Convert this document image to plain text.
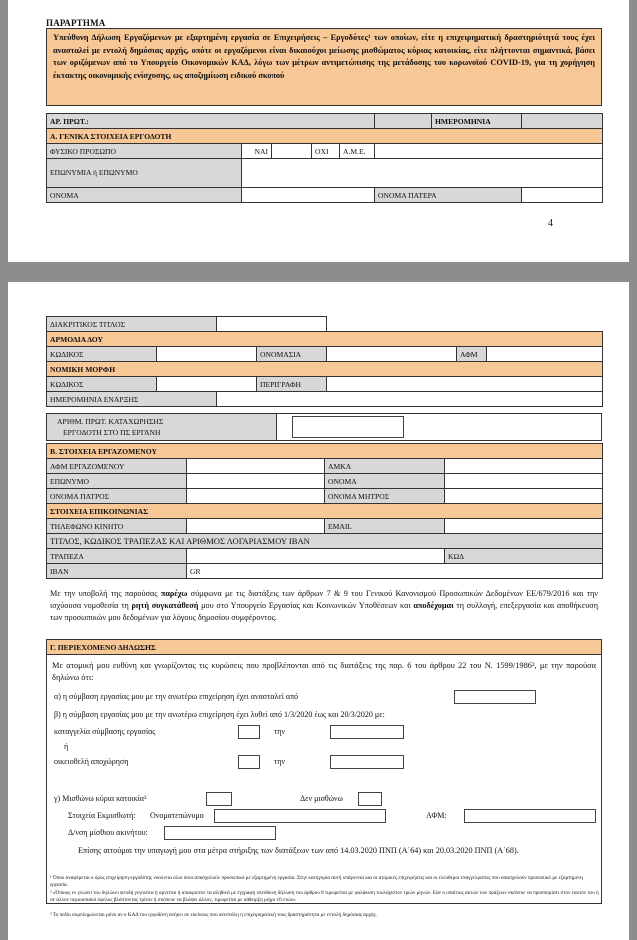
ΠΑΡΑΡΤΗΜΑ
Υπεύθυνη Δήλωση Εργαζόμενων με εξαρτημένη εργασία σε Επιχειρήσεις – Εργοδότες¹ των οποίων, είτε η επιχειρηματική δραστηριότητά τους έχει ανασταλεί με εντολή δημόσιας αρχής, οπότε οι εργαζόμενοι είναι δικαιούχοι μείωσης μισθώματος κύριας κατοικίας, είτε πλήττονται σημαντικά, βάσει των οριζόμενων από το Υπουργείο Οικονομικών ΚΑΔ, λόγω των μέτρων αντιμετώπισης της μετάδοσης του κορωνοϊού COVID-19, για τη χορήγηση έκτακτης οικονομικής ενίσχυσης, ως αποζημίωση ειδικού σκοπού
ΑΡ. ΠΡΩΤ.:						ΗΜΕΡΟΜΗΝΙΑ	
Α. ΓΕΝΙΚΑ ΣΤΟΙΧΕΙΑ ΕΡΓΟΔΟΤΗ							
ΦΥΣΙΚΟ ΠΡΟΣΩΠΟ	ΝΑΙ		ΟΧΙ	Α.Μ.Ε.			
ΕΠΩΝΥΜΙΑ ή ΕΠΩΝΥΜΟ							
ΟΝΟΜΑ					ΟΝΟΜΑ ΠΑΤΕΡΑ		
4
ΔΙΑΚΡΙΤΙΚΟΣ ΤΙΤΛΟΣ						
ΑΡΜΟΔΙΑ ΔΟΥ						
ΚΩΔΙΚΟΣ			ΟΝΟΜΑΣΙΑ		ΑΦΜ	
ΝΟΜΙΚΗ ΜΟΡΦΗ						
ΚΩΔΙΚΟΣ			ΠΕΡΙΓΡΑΦΗ			
ΗΜΕΡΟΜΗΝΙΑ ΕΝΑΡΞΗΣ						
ΑΡΙΘΜ. ΠΡΩΤ. ΚΑΤΑΧΩΡΗΣΗΣ
ΕΡΓΟΔΟΤΗ ΣΤΟ ΠΣ ΕΡΓΑΝΗ
Β. ΣΤΟΙΧΕΙΑ ΕΡΓΑΖΟΜΕΝΟΥ			
ΑΦΜ ΕΡΓΑΖΟΜΕΝΟΥ		ΑΜΚΑ	
ΕΠΩΝΥΜΟ		ΟΝΟΜΑ	
ΟΝΟΜΑ ΠΑΤΡΟΣ		ΟΝΟΜΑ ΜΗΤΡΟΣ	
ΣΤΟΙΧΕΙΑ ΕΠΙΚΟΙΝΩΝΙΑΣ			
ΤΗΛΕΦΩΝΟ ΚΙΝΗΤΟ		EMAIL	
ΤΙΤΛΟΣ, ΚΩΔΙΚΟΣ ΤΡΑΠΕΖΑΣ ΚΑΙ ΑΡΙΘΜΟΣ ΛΟΓΑΡΙΑΣΜΟΥ IBAN			
ΤΡΑΠΕΖΑ			ΚΩΔ
IBAN	GR		
Με την υποβολή της παρούσας παρέχω σύμφωνα με τις διατάξεις των άρθρων 7 & 9 του Γενικού Κανονισμού Προσωπικών Δεδομένων ΕΕ/679/2016 και την ισχύουσα νομοθεσία τη ρητή συγκατάθεσή μου στο Υπουργείο Εργασίας και Κοινωνικών Υποθέσεων και αποδέχομαι τη συλλογή, επεξεργασία και αποθήκευση των προσωπικών μου δεδομένων για λόγους δημοσίου συμφέροντος.
Γ. ΠΕΡΙΕΧΟΜΕΝΟ ΔΗΛΩΣΗΣ
Με ατομική μου ευθύνη και γνωρίζοντας τις κυρώσεις που προβλέπονται από τις διατάξεις της παρ. 6 του άρθρου 22 του Ν. 1599/1986², με την παρούσα δηλώνω ότι:
α) η σύμβαση εργασίας μου με την ανωτέρω επιχείρηση έχει ανασταλεί από
β) η σύμβαση εργασίας μου με την ανωτέρω επιχείρηση έχει λυθεί από 1/3/2020 έως και 20/3/2020 με:
καταγγελία σύμβασης εργασίας	την
ή
οικειοθελή αποχώρηση	την
γ) Μισθώνω κύρια κατοικία³	Δεν μισθώνω
Στοιχεία Εκμισθωτή: Ονοματεπώνυμο	ΑΦΜ:
Δ/νση μίσθιου ακινήτου:
Επίσης αιτούμαι την υπαγωγή μου στα μέτρα στήριξης των διατάξεων των από 14.03.2020 ΠΝΠ (Α΄64) και 20.03.2020 ΠΝΠ (Α΄68).
¹ Όπου αναφέρεται ο όρος επιχείρηση-εργοδότης νοούνται όλοι όσοι απασχολούν προσωπικό με εξαρτημένη εργασία. Στην κατηγορία αυτή υπάγονται και οι ατομικές επιχειρήσεις και οι ελεύθεροι επαγγελματίες που απασχολούν προσωπικό με εξαρτημένη εργασία.
² «Όποιος εν γνώσει του δηλώνει ψευδή γεγονότα ή αρνείται ή αποκρύπτει τα αληθινά με έγγραφη υπεύθυνη δήλωση του άρθρου 8 τιμωρείται με φυλάκιση τουλάχιστον τριών μηνών. Εάν ο υπαίτιος αυτών των πράξεων σκόπευε να προσπορίσει στον εαυτόν του ή σε άλλον περιουσιακό όφελος βλάπτοντας τρίτον ή σκόπευε να βλάψει άλλον, τιμωρείται με κάθειρξη μέχρι 10 ετών»
³ Το πεδίο συμπληρώνεται μόνο αν ο ΚΑΔ του εργοδότη ανήκει σε εκείνους που ανεστάλη η επιχειρηματική τους δραστηριότητα με εντολή δημόσιας αρχής.
